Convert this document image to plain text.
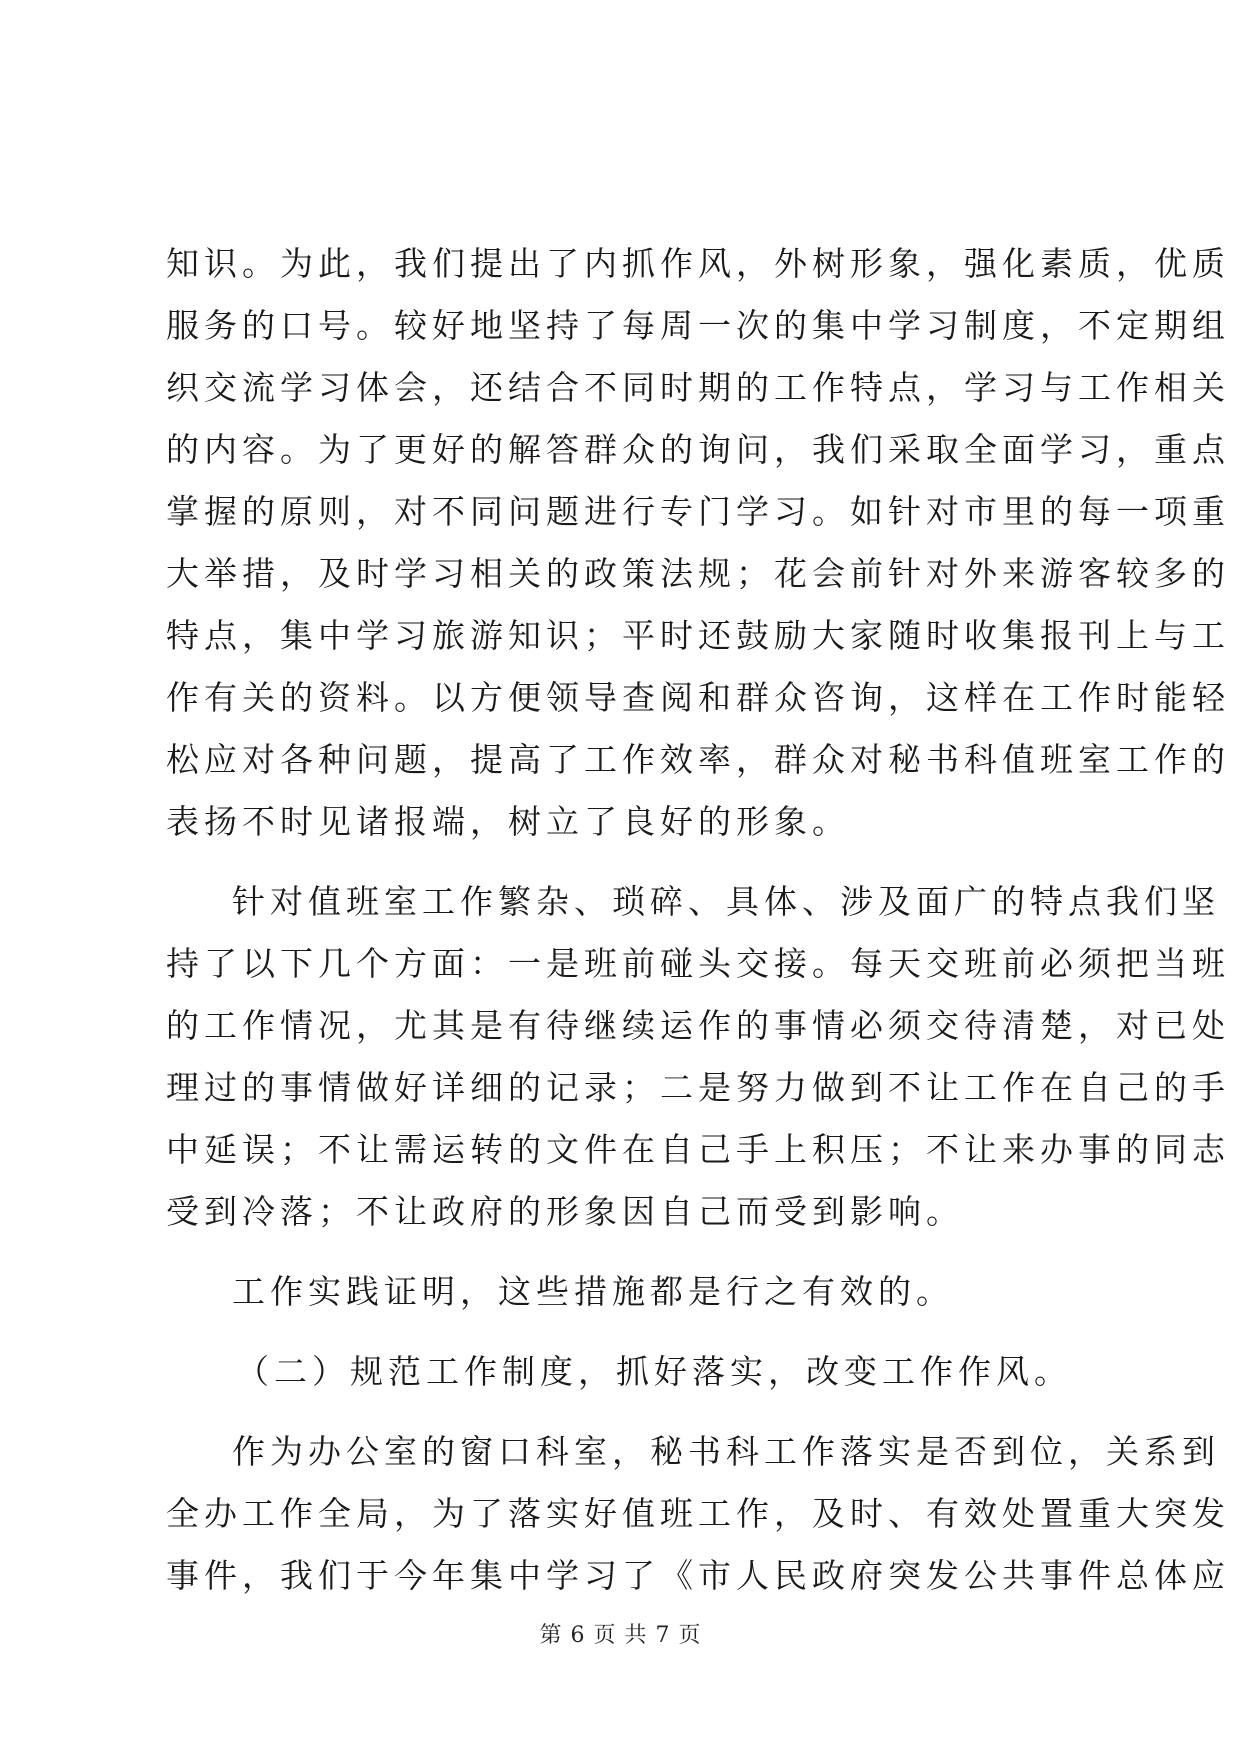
知识。为此，我们提出了内抓作风，外树形象，强化素质，优质
服务的口号。较好地坚持了每周一次的集中学习制度，不定期组
织交流学习体会，还结合不同时期的工作特点，学习与工作相关
的内容。为了更好的解答群众的询问，我们采取全面学习，重点
掌握的原则，对不同问题进行专门学习。如针对市里的每一项重
大举措，及时学习相关的政策法规；花会前针对外来游客较多的
特点，集中学习旅游知识；平时还鼓励大家随时收集报刊上与工
作有关的资料。以方便领导查阅和群众咨询，这样在工作时能轻
松应对各种问题，提高了工作效率，群众对秘书科值班室工作的
表扬不时见诸报端，树立了良好的形象。

针对值班室工作繁杂、琐碎、具体、涉及面广的特点我们坚
持了以下几个方面：一是班前碰头交接。每天交班前必须把当班
的工作情况，尤其是有待继续运作的事情必须交待清楚，对已处
理过的事情做好详细的记录；二是努力做到不让工作在自己的手
中延误；不让需运转的文件在自己手上积压；不让来办事的同志
受到冷落；不让政府的形象因自己而受到影响。

工作实践证明，这些措施都是行之有效的。

（二）规范工作制度，抓好落实，改变工作作风。

作为办公室的窗口科室，秘书科工作落实是否到位，关系到
全办工作全局，为了落实好值班工作，及时、有效处置重大突发
事件，我们于今年集中学习了《市人民政府突发公共事件总体应

第 6 页 共 7 页
